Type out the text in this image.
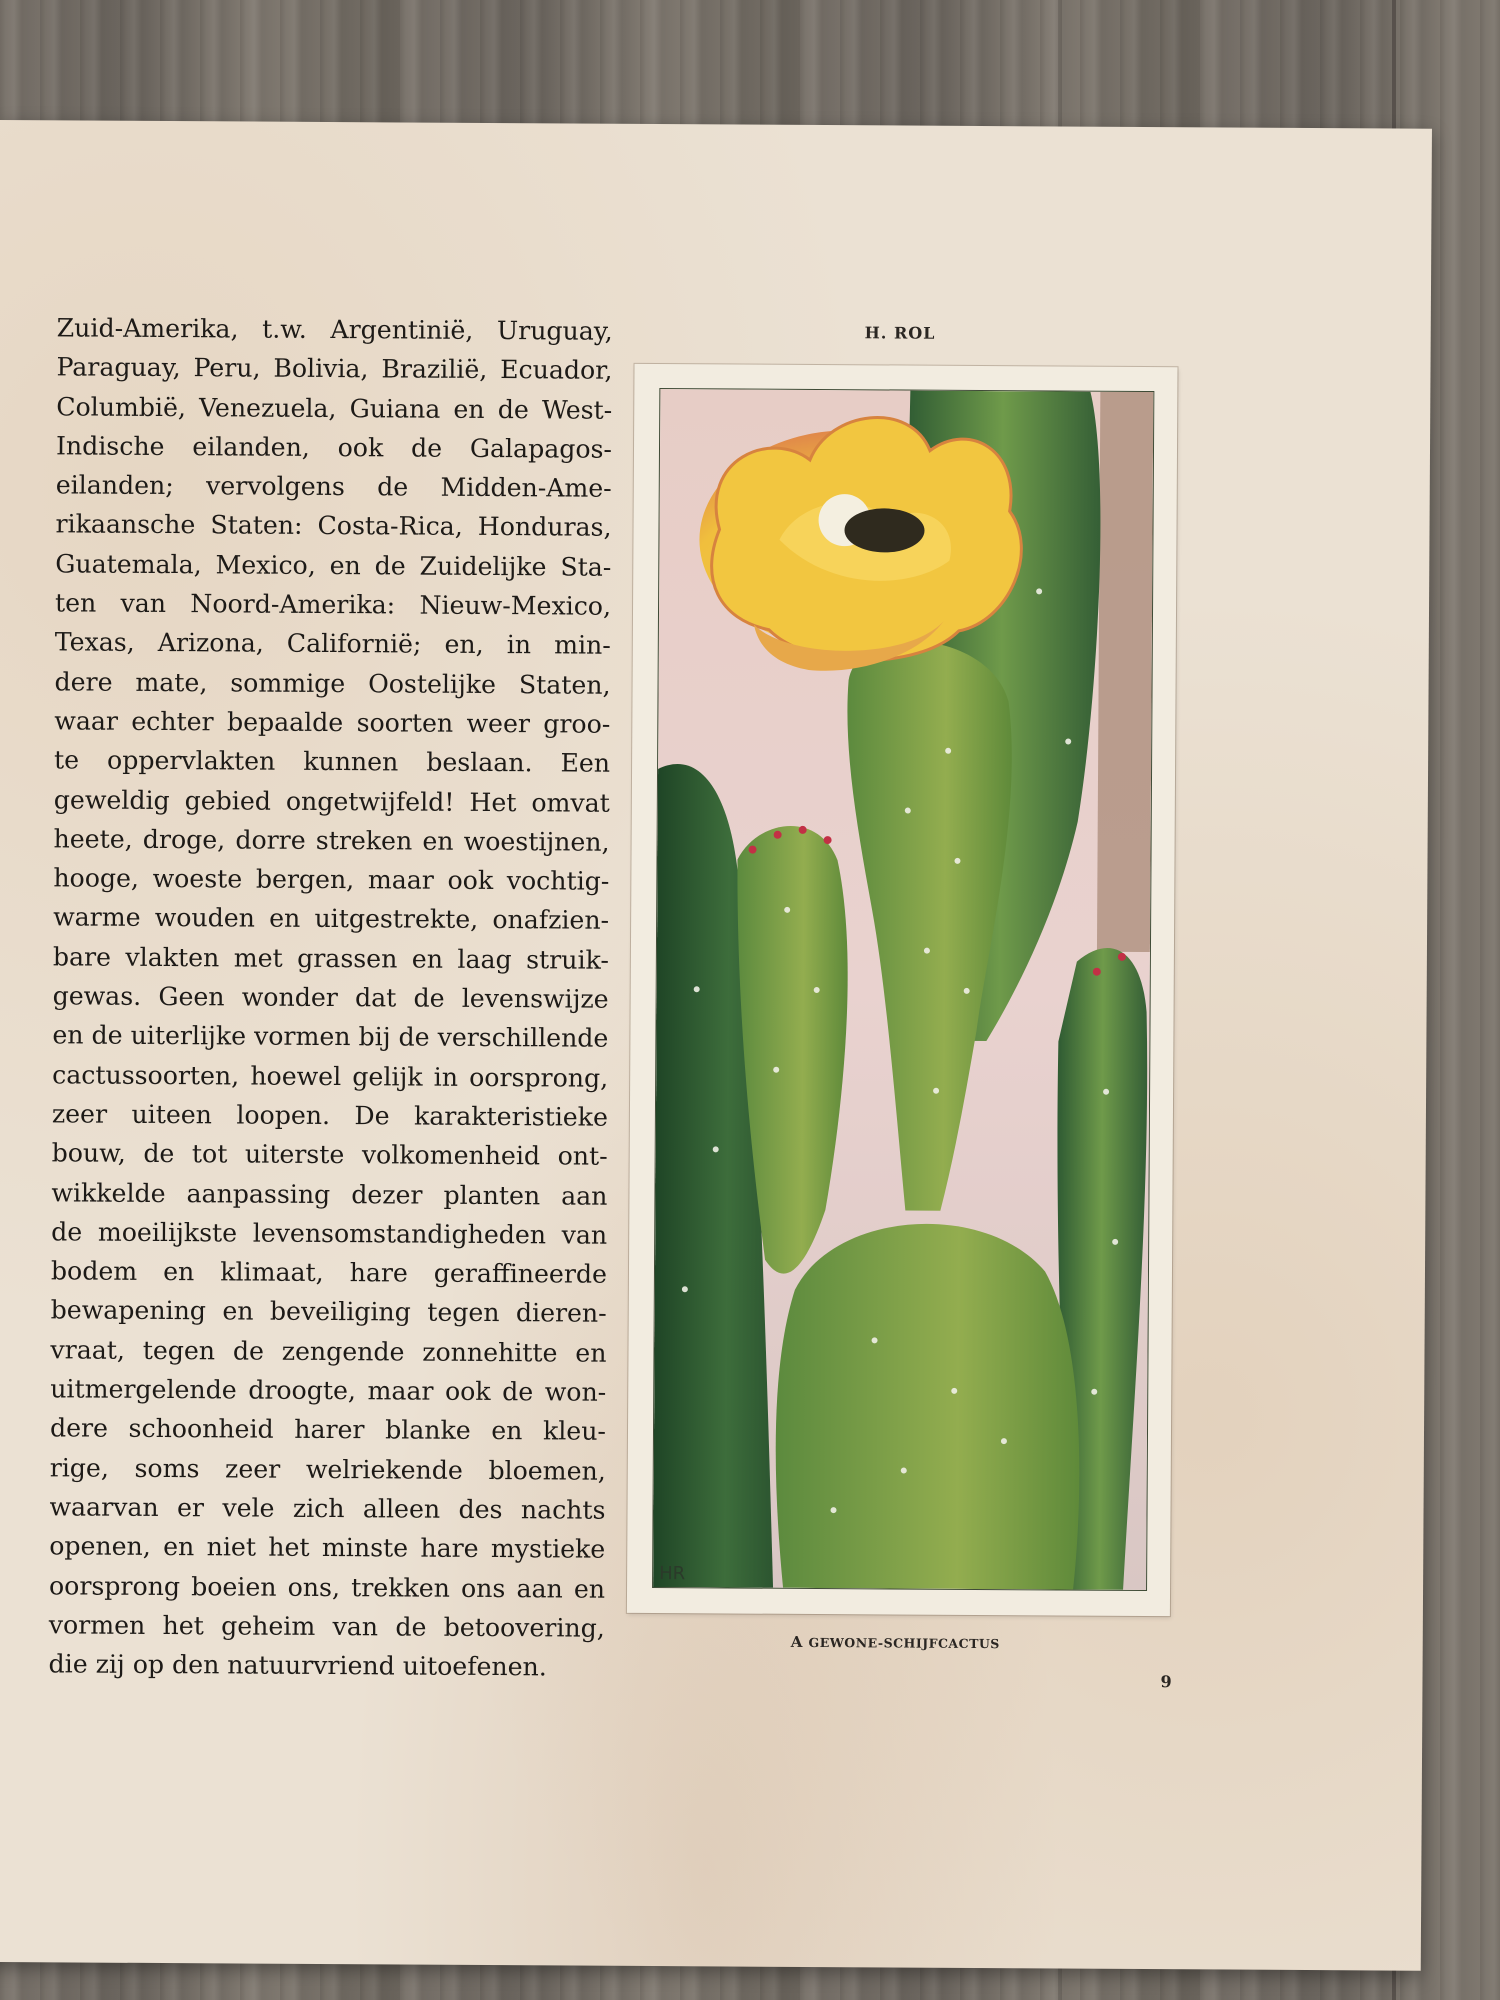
Zuid-Amerika, t.w. Argentinië, Uruguay,
Paraguay, Peru, Bolivia, Brazilië, Ecuador,
Columbië, Venezuela, Guiana en de West-
Indische eilanden, ook de Galapagos-
eilanden; vervolgens de Midden-Ame-
rikaansche Staten: Costa-Rica, Honduras,
Guatemala, Mexico, en de Zuidelijke Sta-
ten van Noord-Amerika: Nieuw-Mexico,
Texas, Arizona, Californië; en, in min-
dere mate, sommige Oostelijke Staten,
waar echter bepaalde soorten weer groo-
te oppervlakten kunnen beslaan. Een
geweldig gebied ongetwijfeld! Het omvat
heete, droge, dorre streken en woestijnen,
hooge, woeste bergen, maar ook vochtig-
warme wouden en uitgestrekte, onafzien-
bare vlakten met grassen en laag struik-
gewas. Geen wonder dat de levenswijze
en de uiterlijke vormen bij de verschillende
cactussoorten, hoewel gelijk in oorsprong,
zeer uiteen loopen. De karakteristieke
bouw, de tot uiterste volkomenheid ont-
wikkelde aanpassing dezer planten aan
de moeilijkste levensomstandigheden van
bodem en klimaat, hare geraffineerde
bewapening en beveiliging tegen dieren-
vraat, tegen de zengende zonnehitte en
uitmergelende droogte, maar ook de won-
dere schoonheid harer blanke en kleu-
rige, soms zeer welriekende bloemen,
waarvan er vele zich alleen des nachts
openen, en niet het minste hare mystieke
oorsprong boeien ons, trekken ons aan en
vormen het geheim van de betoovering,
die zij op den natuurvriend uitoefenen.
H. ROL
HR
A GEWONE-SCHIJFCACTUS
9
